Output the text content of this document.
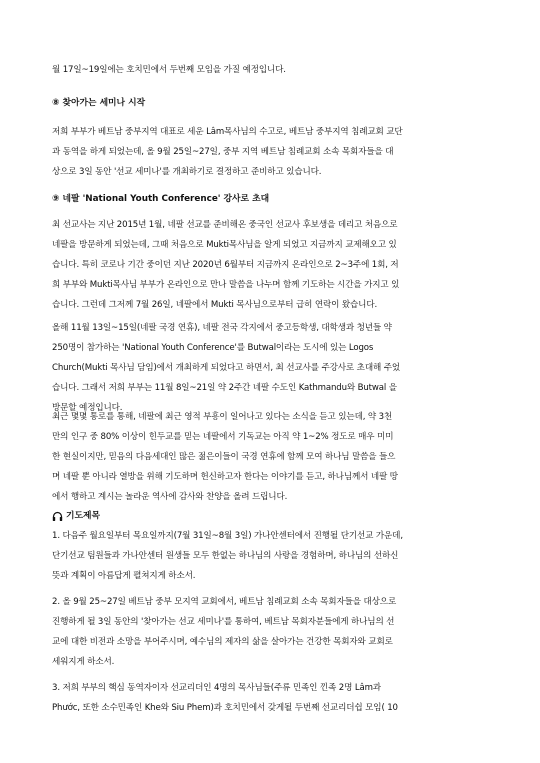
월 17일~19일에는 호치민에서 두번째 모임을 가질 예정입니다.
⑧ 찾아가는 세미나 시작
저희 부부가 베트남 중부지역 대표로 세운 Lâm목사님의 수고로, 베트남 중부지역 침례교회 교단
과 동역을 하게 되었는데, 올 9월 25일~27일, 중부 지역 베트남 침례교회 소속 목회자들을 대
상으로 3일 동안 '선교 세미나'를 개최하기로 결정하고 준비하고 있습니다.
⑨ 네팔 'National Youth Conference' 강사로 초대
최 선교사는 지난 2015년 1월, 네팔 선교를 준비해온 중국인 선교사 후보생을 데리고 처음으로
네팔을 방문하게 되었는데, 그때 처음으로 Mukti목사님을 알게 되었고 지금까지 교제해오고 있
습니다. 특히 코로나 기간 중이던 지난 2020년 6월부터 지금까지 온라인으로 2~3주에 1회, 저
희 부부와 Mukti목사님 부부가 온라인으로 만나 말씀을 나누며 함께 기도하는 시간을 가지고 있
습니다. 그런데 그저께 7월 26일, 네팔에서 Mukti 목사님으로부터 급히 연락이 왔습니다.
올해 11월 13일~15일(네팔 국경 연휴), 네팔 전국 각지에서 중고등학생, 대학생과 청년들 약
250명이 참가하는 'National Youth Conference'를 Butwal이라는 도시에 있는 Logos
Church(Mukti 목사님 담임)에서 개최하게 되었다고 하면서, 최 선교사를 주강사로 초대해 주었
습니다. 그래서 저희 부부는 11월 8일~21일 약 2주간 네팔 수도인 Kathmandu와 Butwal 을
방문할 예정입니다.
최근 몇몇 통로를 통해, 네팔에 최근 영적 부흥이 일어나고 있다는 소식을 듣고 있는데, 약 3천
만의 인구 중 80% 이상이 힌두교를 믿는 네팔에서 기독교는 아직 약 1~2% 정도로 매우 미미
한 현실이지만, 믿음의 다음세대인 많은 젊은이들이 국경 연휴에 함께 모여 하나님 말씀을 들으
며 네팔 뿐 아니라 열방을 위해 기도하며 헌신하고자 한다는 이야기를 듣고, 하나님께서 네팔 땅
에서 행하고 계시는 놀라운 역사에 감사와 찬양을 올려 드립니다.
기도제목
1. 다음주 월요일부터 목요일까지(7월 31일~8월 3일) 가나안센터에서 진행될 단기선교 가운데,
단기선교 팀원들과 가나안센터 원생들 모두 한없는 하나님의 사랑을 경험하며, 하나님의 선하신
뜻과 계획이 아름답게 펼쳐지게 하소서.
2. 올 9월 25~27일 베트남 중부 모지역 교회에서, 베트남 침례교회 소속 목회자들을 대상으로
진행하게 될 3일 동안의 '찾아가는 선교 세미나'를 통하여, 베트남 목회자분들에게 하나님의 선
교에 대한 비전과 소망을 부어주시며, 예수님의 제자의 삶을 살아가는 건강한 목회자와 교회로
세워지게 하소서.
3. 저희 부부의 핵심 동역자이자 선교리더인 4명의 목사님들(주류 민족인 낀족 2명 Lâm과
Phước, 또한 소수민족인 Khe와 Siu Phem)과 호치민에서 갖게될 두번째 선교리더쉽 모임( 10
